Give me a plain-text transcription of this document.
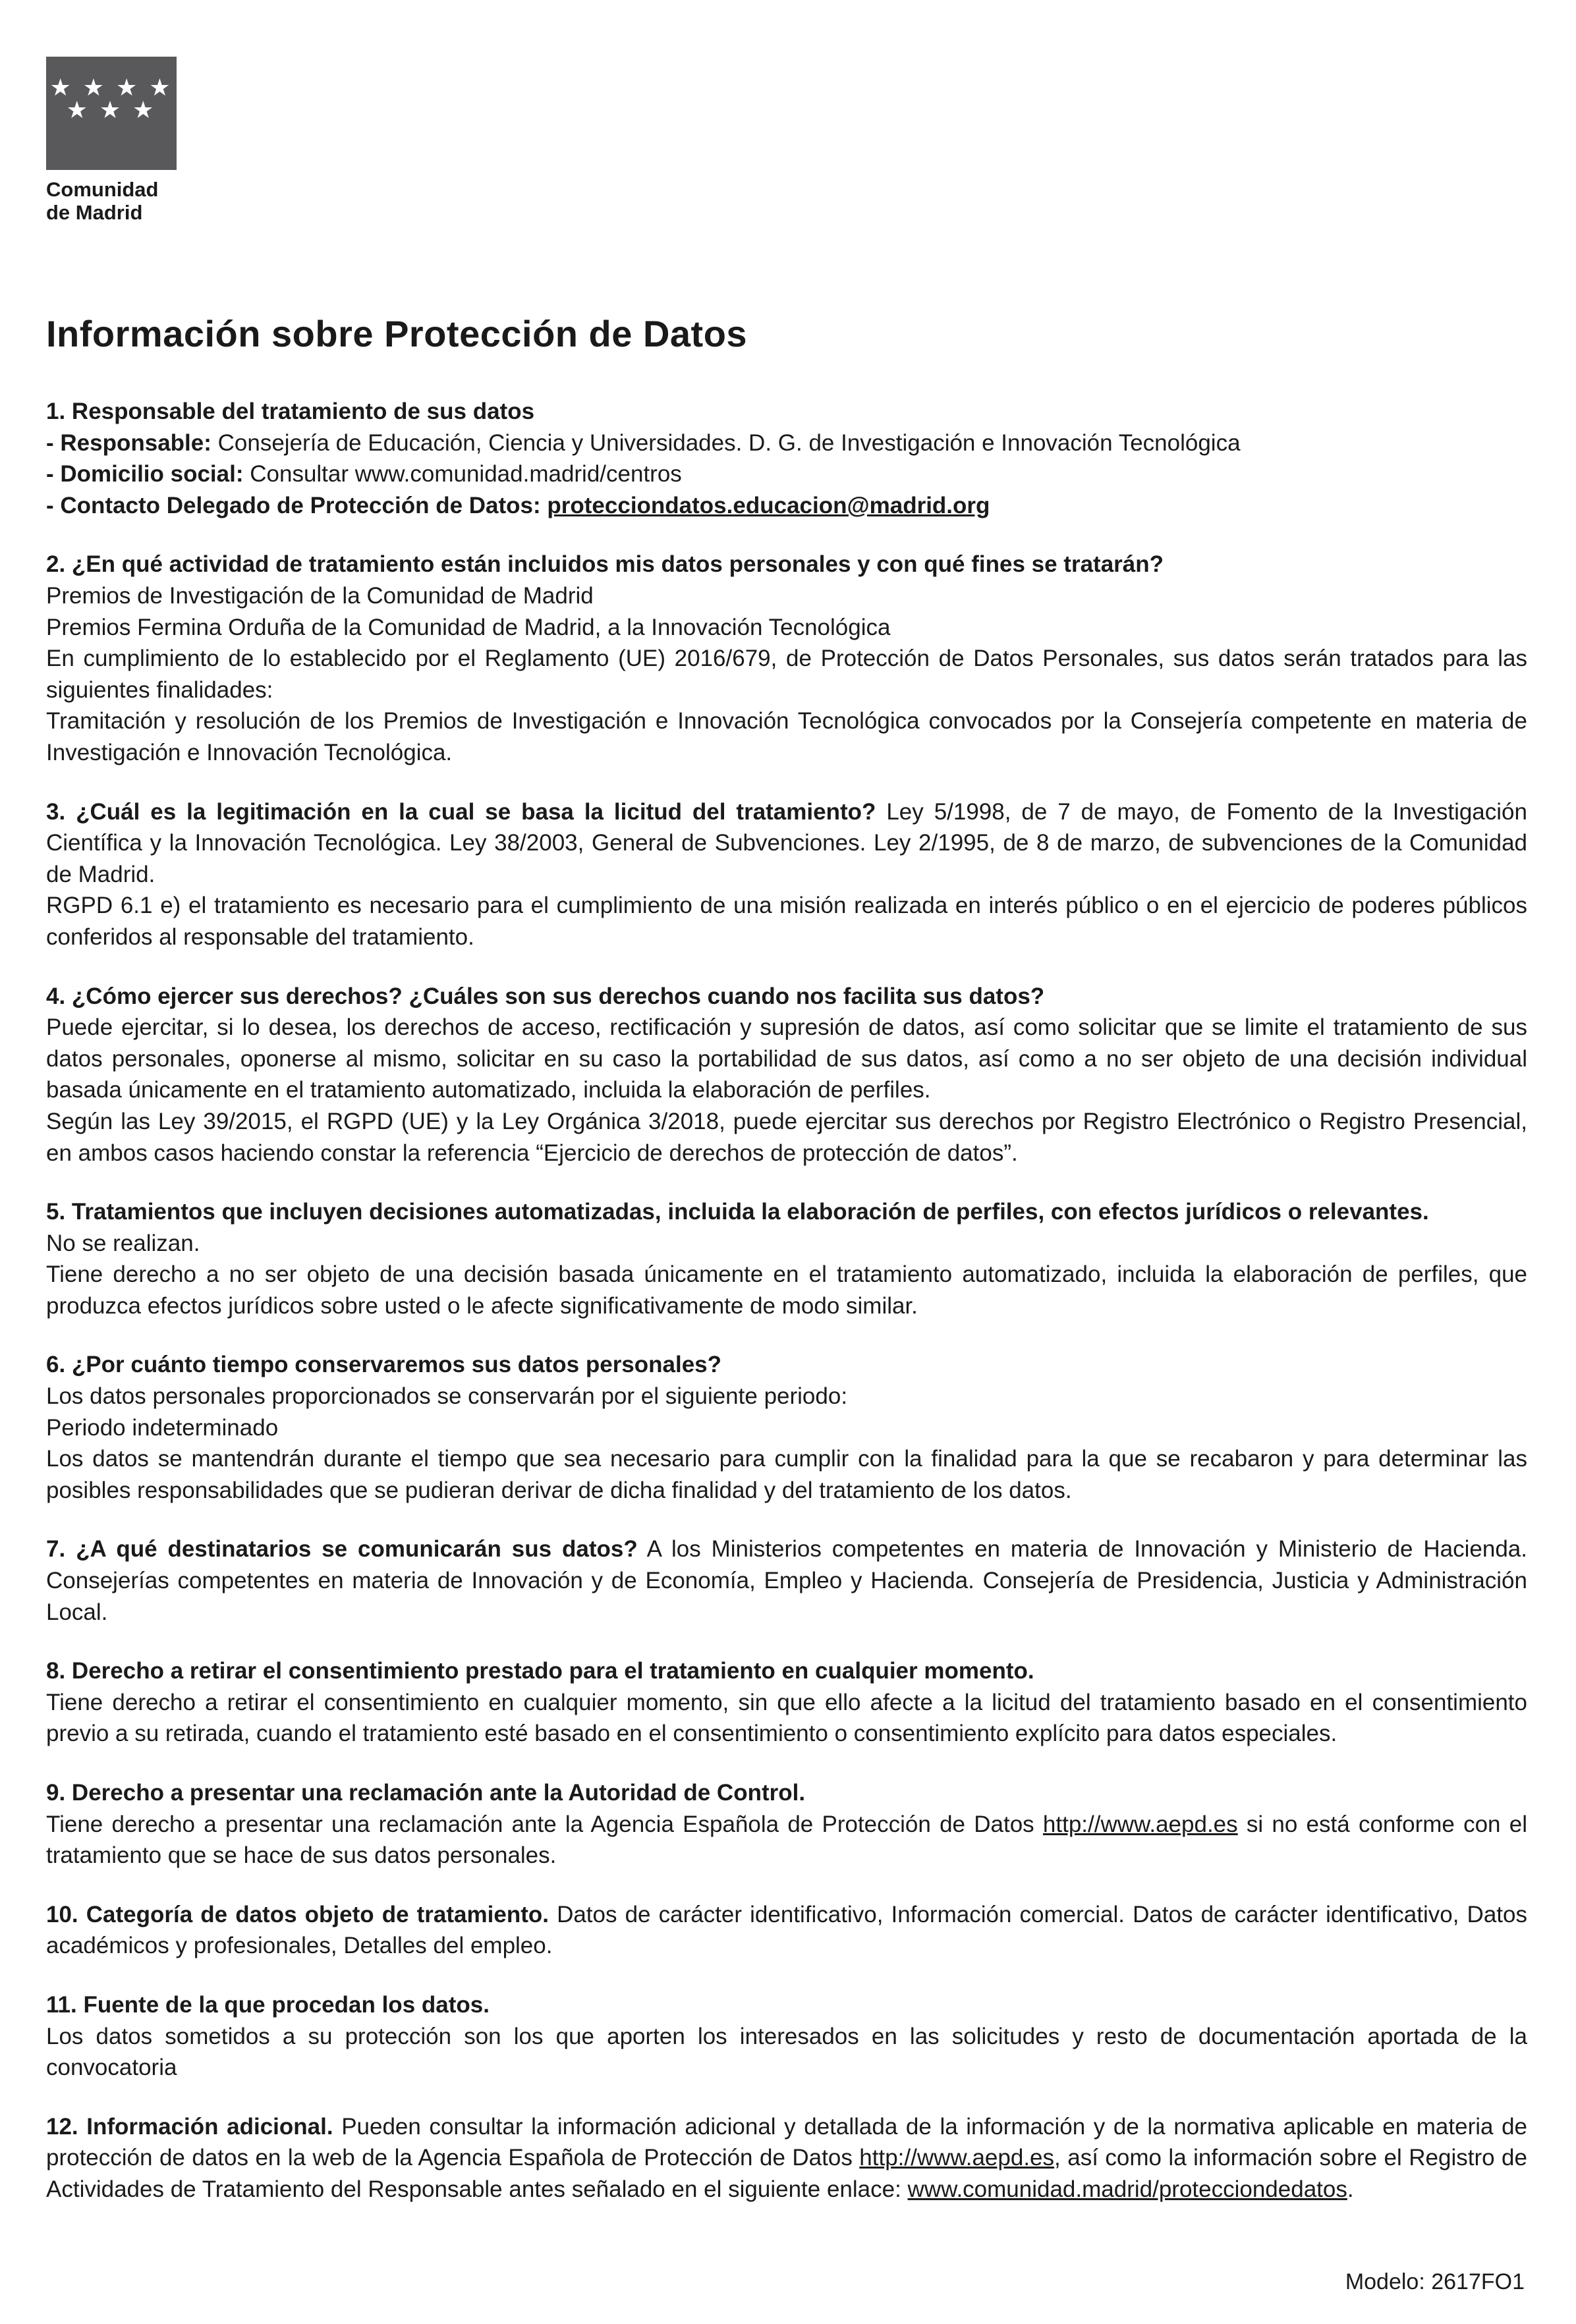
★ ★ ★ ★
★ ★ ★
Comunidad
de Madrid
Información sobre Protección de Datos
1. Responsable del tratamiento de sus datos

- Responsable: Consejería de Educación, Ciencia y Universidades. D. G. de Investigación e Innovación Tecnológica

- Domicilio social: Consultar www.comunidad.madrid/centros

- Contacto Delegado de Protección de Datos: protecciondatos.educacion@madrid.org

2. ¿En qué actividad de tratamiento están incluidos mis datos personales y con qué fines se tratarán?

Premios de Investigación de la Comunidad de Madrid

Premios Fermina Orduña de la Comunidad de Madrid, a la Innovación Tecnológica

En cumplimiento de lo establecido por el Reglamento (UE) 2016/679, de Protección de Datos Personales, sus datos serán tratados para las siguientes finalidades:

Tramitación y resolución de los Premios de Investigación e Innovación Tecnológica convocados por la Consejería competente en materia de Investigación e Innovación Tecnológica.

3. ¿Cuál es la legitimación en la cual se basa la licitud del tratamiento? Ley 5/1998, de 7 de mayo, de Fomento de la Investigación Científica y la Innovación Tecnológica. Ley 38/2003, General de Subvenciones. Ley 2/1995, de 8 de marzo, de subvenciones de la Comunidad de Madrid.

RGPD 6.1 e) el tratamiento es necesario para el cumplimiento de una misión realizada en interés público o en el ejercicio de poderes públicos conferidos al responsable del tratamiento.

4. ¿Cómo ejercer sus derechos? ¿Cuáles son sus derechos cuando nos facilita sus datos?

Puede ejercitar, si lo desea, los derechos de acceso, rectificación y supresión de datos, así como solicitar que se limite el tratamiento de sus datos personales, oponerse al mismo, solicitar en su caso la portabilidad de sus datos, así como a no ser objeto de una decisión individual basada únicamente en el tratamiento automatizado, incluida la elaboración de perfiles.

Según las Ley 39/2015, el RGPD (UE) y la Ley Orgánica 3/2018, puede ejercitar sus derechos por Registro Electrónico o Registro Presencial, en ambos casos haciendo constar la referencia “Ejercicio de derechos de protección de datos”.

5. Tratamientos que incluyen decisiones automatizadas, incluida la elaboración de perfiles, con efectos jurídicos o relevantes.

No se realizan.

Tiene derecho a no ser objeto de una decisión basada únicamente en el tratamiento automatizado, incluida la elaboración de perfiles, que produzca efectos jurídicos sobre usted o le afecte significativamente de modo similar.

6. ¿Por cuánto tiempo conservaremos sus datos personales?

Los datos personales proporcionados se conservarán por el siguiente periodo:

Periodo indeterminado

Los datos se mantendrán durante el tiempo que sea necesario para cumplir con la finalidad para la que se recabaron y para determinar las posibles responsabilidades que se pudieran derivar de dicha finalidad y del tratamiento de los datos.

7. ¿A qué destinatarios se comunicarán sus datos? A los Ministerios competentes en materia de Innovación y Ministerio de Hacienda. Consejerías competentes en materia de Innovación y de Economía, Empleo y Hacienda. Consejería de Presidencia, Justicia y Administración Local.

8. Derecho a retirar el consentimiento prestado para el tratamiento en cualquier momento.

Tiene derecho a retirar el consentimiento en cualquier momento, sin que ello afecte a la licitud del tratamiento basado en el consentimiento previo a su retirada, cuando el tratamiento esté basado en el consentimiento o consentimiento explícito para datos especiales.

9. Derecho a presentar una reclamación ante la Autoridad de Control.

Tiene derecho a presentar una reclamación ante la Agencia Española de Protección de Datos http://www.aepd.es si no está conforme con el tratamiento que se hace de sus datos personales.

10. Categoría de datos objeto de tratamiento. Datos de carácter identificativo, Información comercial. Datos de carácter identificativo, Datos académicos y profesionales, Detalles del empleo.

11. Fuente de la que procedan los datos.

Los datos sometidos a su protección son los que aporten los interesados en las solicitudes y resto de documentación aportada de la convocatoria

12. Información adicional. Pueden consultar la información adicional y detallada de la información y de la normativa aplicable en materia de protección de datos en la web de la Agencia Española de Protección de Datos http://www.aepd.es, así como la información sobre el Registro de Actividades de Tratamiento del Responsable antes señalado en el siguiente enlace: www.comunidad.madrid/protecciondedatos.

Modelo: 2617FO1
